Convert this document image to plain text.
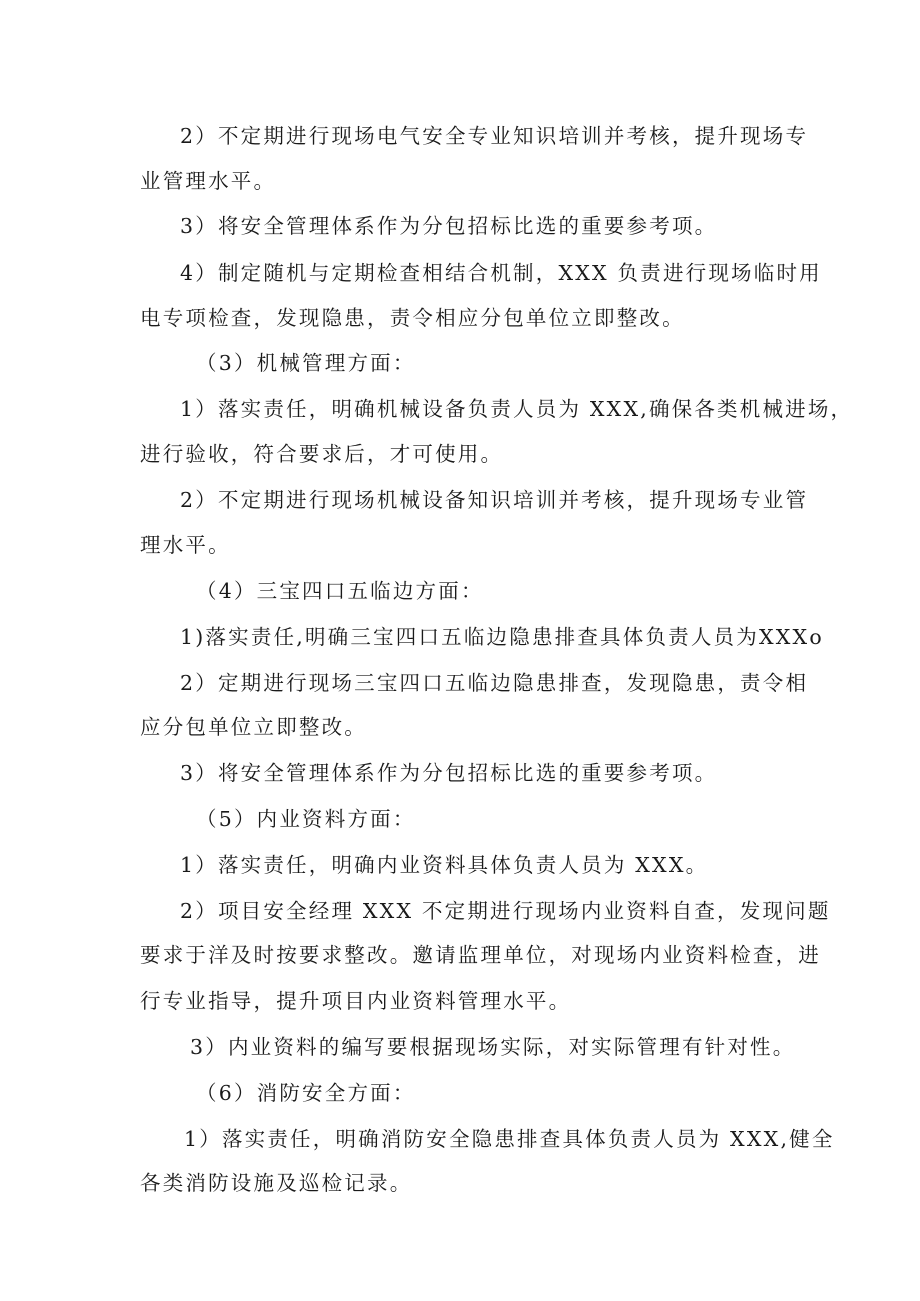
2）不定期进行现场电气安全专业知识培训并考核，提升现场专
业管理水平。
3）将安全管理体系作为分包招标比选的重要参考项。
4）制定随机与定期检查相结合机制，XXX 负责进行现场临时用
电专项检查，发现隐患，责令相应分包单位立即整改。
（3）机械管理方面：
1）落实责任，明确机械设备负责人员为 XXX,确保各类机械进场，
进行验收，符合要求后，才可使用。
2）不定期进行现场机械设备知识培训并考核，提升现场专业管
理水平。
（4）三宝四口五临边方面：
1)落实责任,明确三宝四口五临边隐患排查具体负责人员为XXXo
2）定期进行现场三宝四口五临边隐患排查，发现隐患，责令相
应分包单位立即整改。
3）将安全管理体系作为分包招标比选的重要参考项。
（5）内业资料方面：
1）落实责任，明确内业资料具体负责人员为 XXX。
2）项目安全经理 XXX 不定期进行现场内业资料自查，发现问题
要求于洋及时按要求整改。邀请监理单位，对现场内业资料检查，进
行专业指导，提升项目内业资料管理水平。
3）内业资料的编写要根据现场实际，对实际管理有针对性。
（6）消防安全方面：
1）落实责任，明确消防安全隐患排查具体负责人员为 XXX,健全
各类消防设施及巡检记录。
